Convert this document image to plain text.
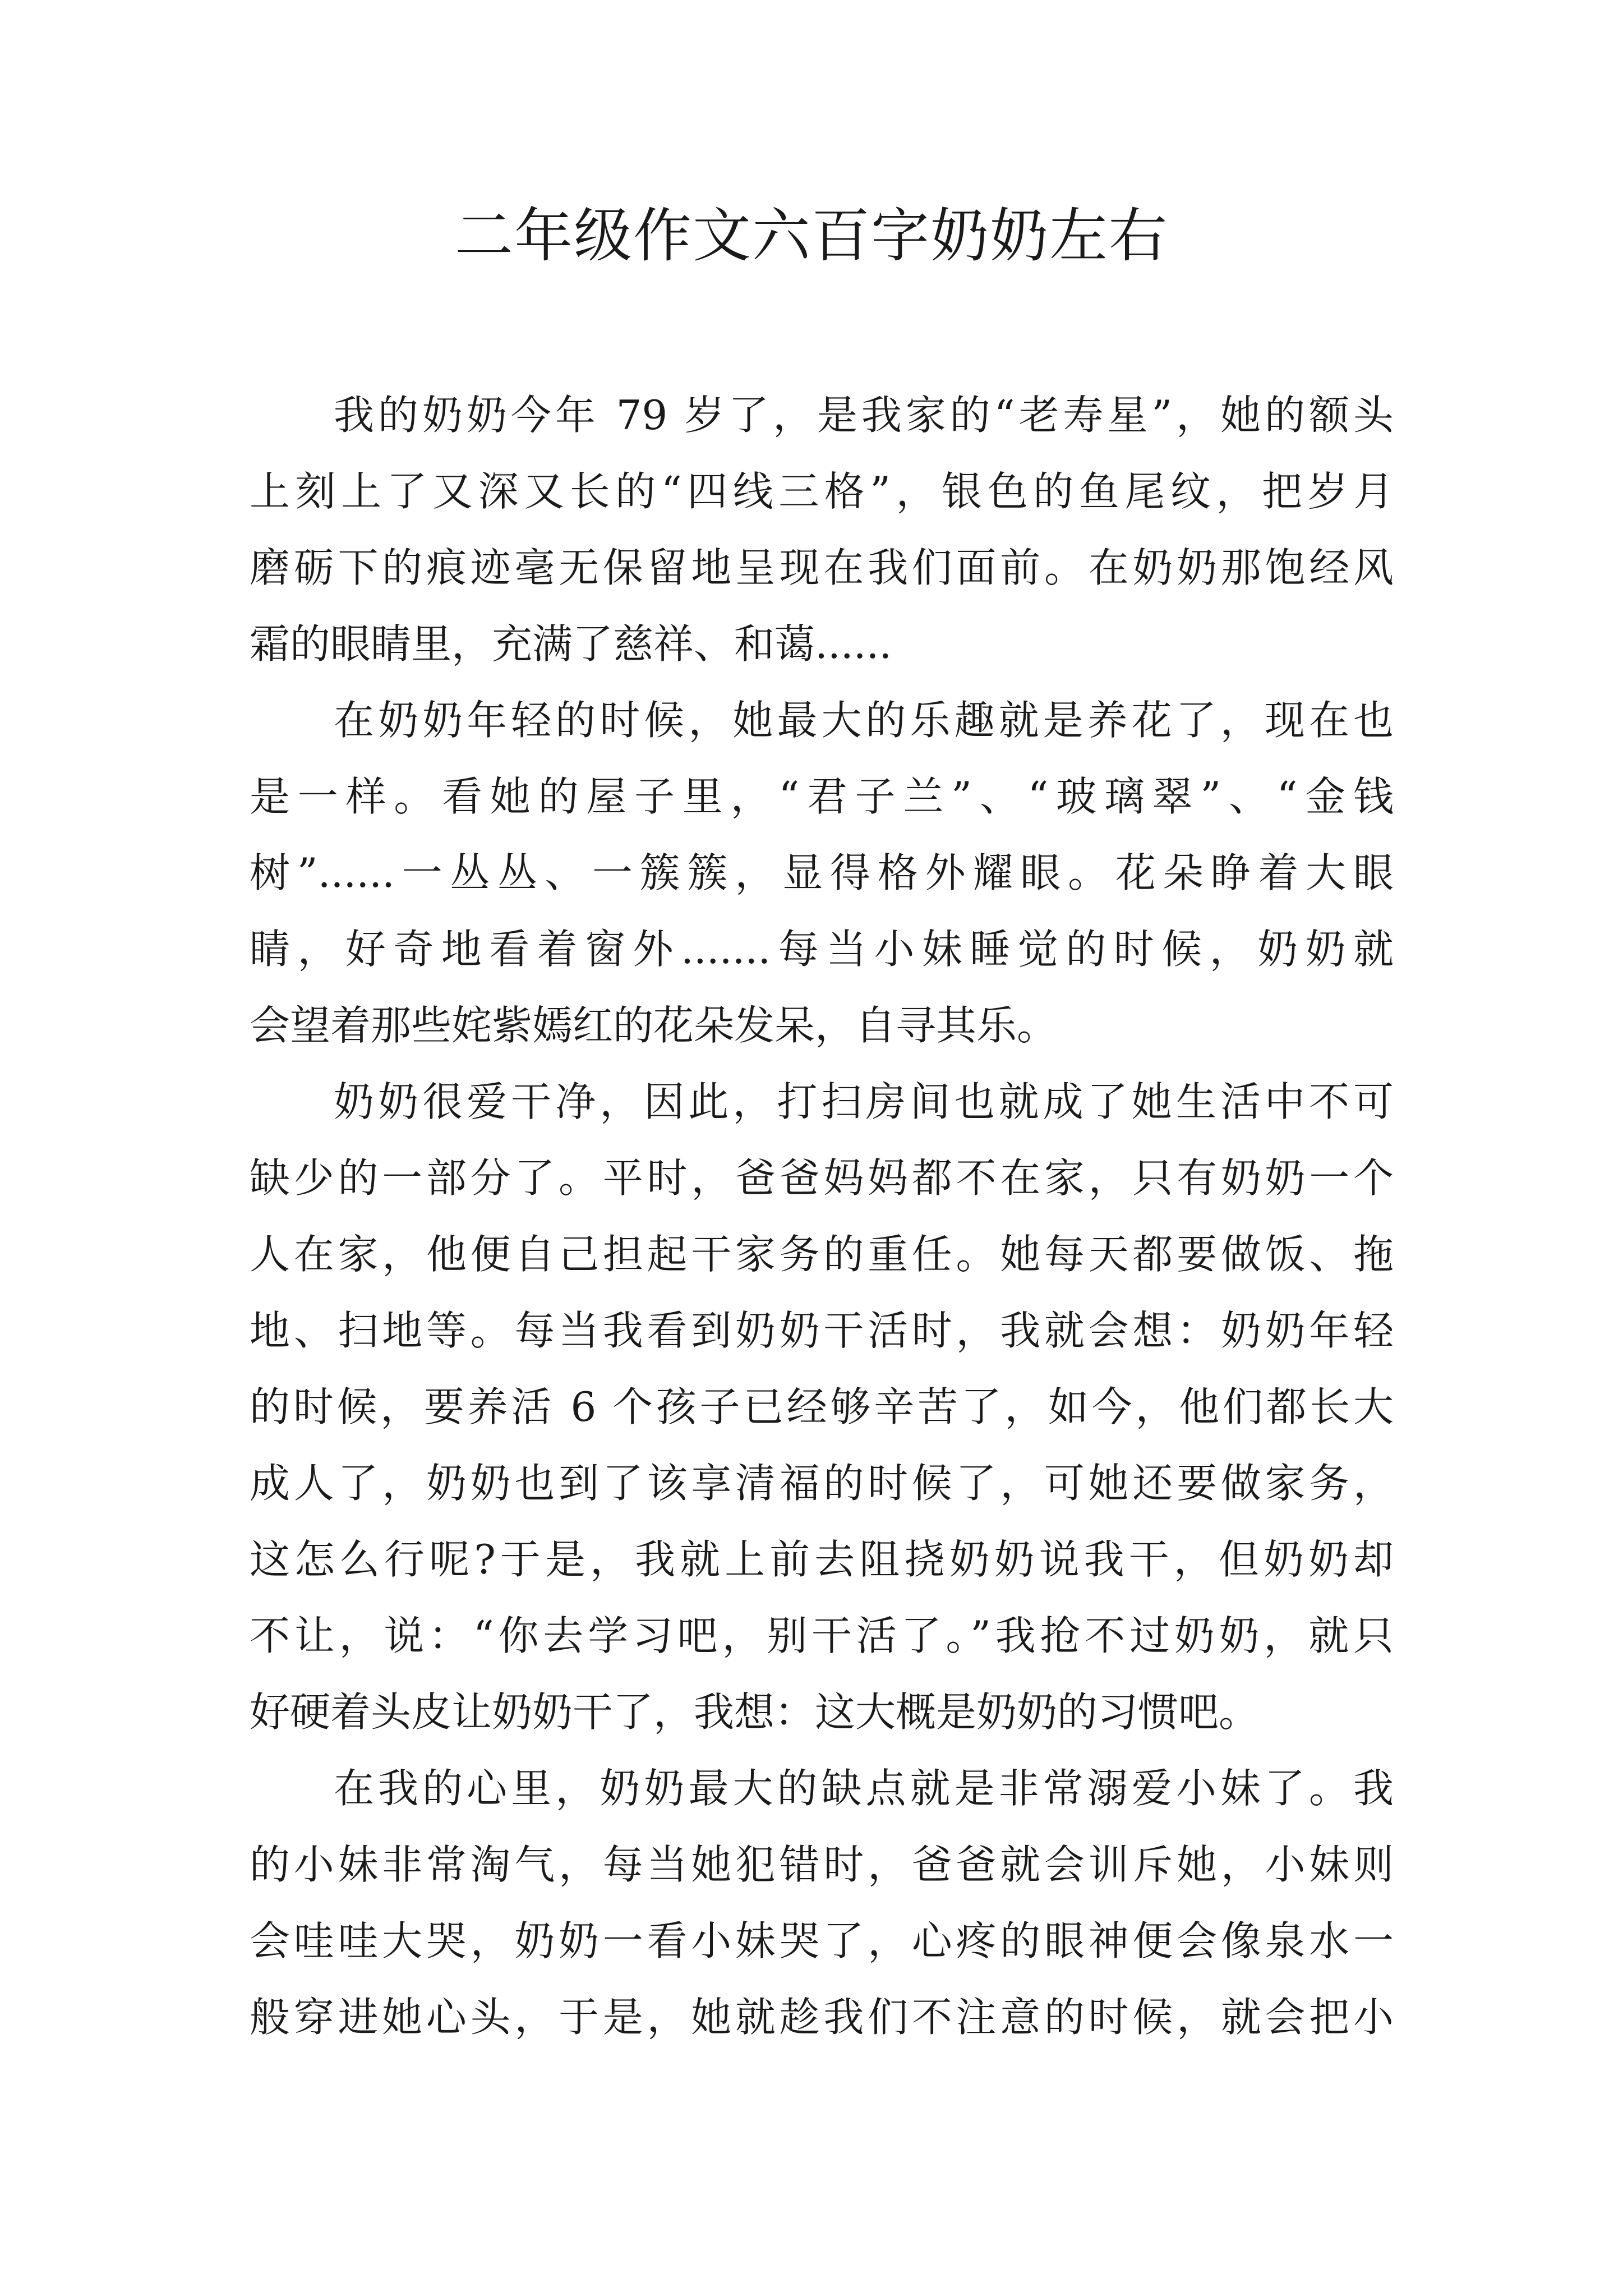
二年级作文六百字奶奶左右
我的奶奶今年 79 岁了，是我家的“老寿星”，她的额头
上刻上了又深又长的“四线三格”，银色的鱼尾纹，把岁月
磨砺下的痕迹毫无保留地呈现在我们面前。在奶奶那饱经风
霜的眼睛里，充满了慈祥、和蔼......
在奶奶年轻的时候，她最大的乐趣就是养花了，现在也
是一样。看她的屋子里，“君子兰”、“玻璃翠”、“金钱
树”......一丛丛、一簇簇，显得格外耀眼。花朵睁着大眼
睛，好奇地看着窗外.......每当小妹睡觉的时候，奶奶就
会望着那些姹紫嫣红的花朵发呆，自寻其乐。
奶奶很爱干净，因此，打扫房间也就成了她生活中不可
缺少的一部分了。平时，爸爸妈妈都不在家，只有奶奶一个
人在家，他便自己担起干家务的重任。她每天都要做饭、拖
地、扫地等。每当我看到奶奶干活时，我就会想：奶奶年轻
的时候，要养活 6 个孩子已经够辛苦了，如今，他们都长大
成人了，奶奶也到了该享清福的时候了，可她还要做家务，
这怎么行呢?于是，我就上前去阻挠奶奶说我干，但奶奶却
不让，说：“你去学习吧，别干活了。”我抢不过奶奶，就只
好硬着头皮让奶奶干了，我想：这大概是奶奶的习惯吧。
在我的心里，奶奶最大的缺点就是非常溺爱小妹了。我
的小妹非常淘气，每当她犯错时，爸爸就会训斥她，小妹则
会哇哇大哭，奶奶一看小妹哭了，心疼的眼神便会像泉水一
般穿进她心头，于是，她就趁我们不注意的时候，就会把小
